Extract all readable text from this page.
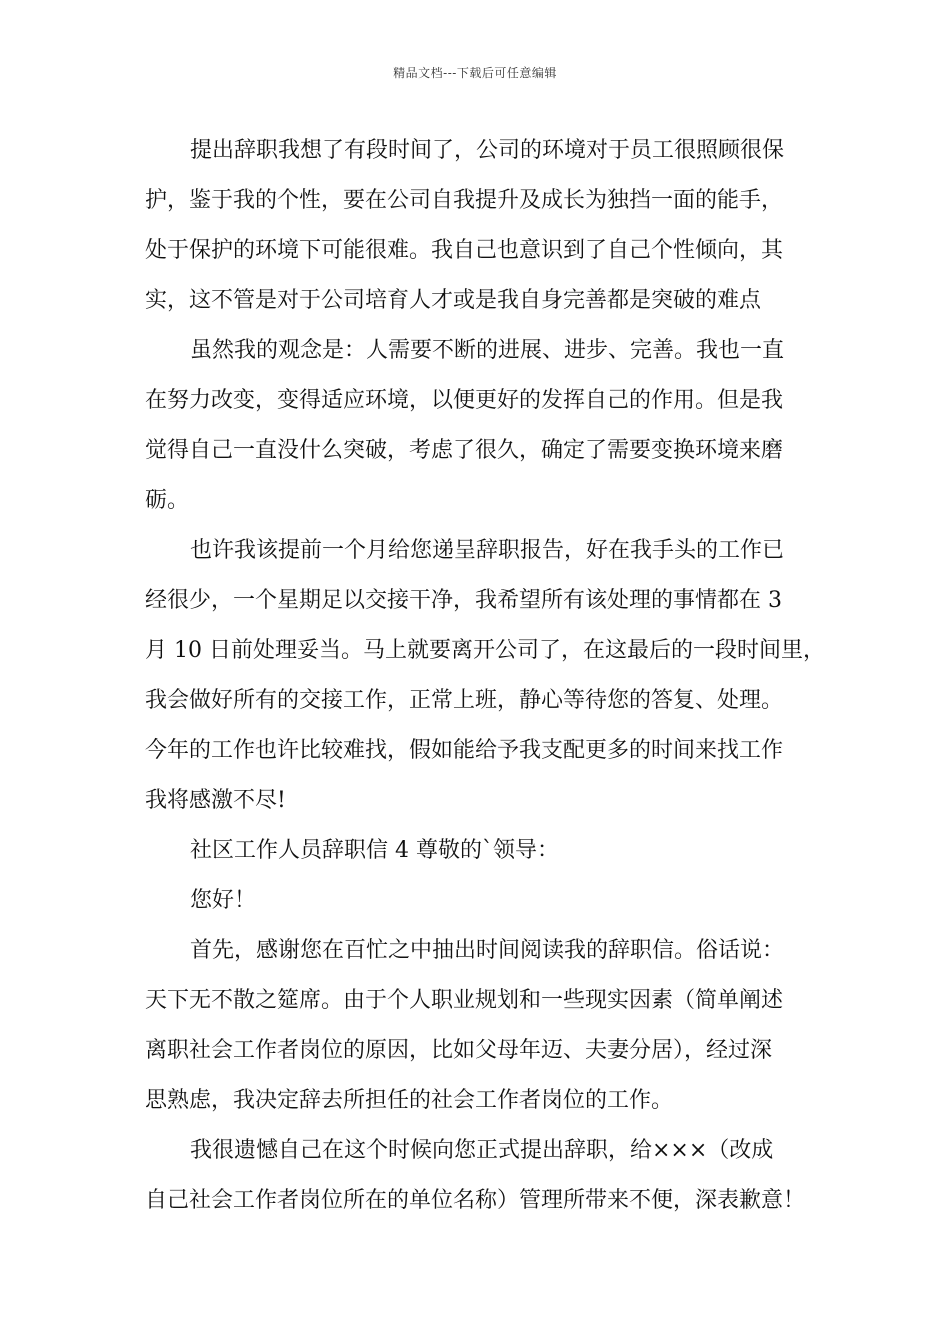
精品文档---下载后可任意编辑
提出辞职我想了有段时间了，公司的环境对于员工很照顾很保
护，鉴于我的个性，要在公司自我提升及成长为独挡一面的能手，
处于保护的环境下可能很难。我自己也意识到了自己个性倾向，其
实，这不管是对于公司培育人才或是我自身完善都是突破的难点
虽然我的观念是：人需要不断的进展、进步、完善。我也一直
在努力改变，变得适应环境，以便更好的发挥自己的作用。但是我
觉得自己一直没什么突破，考虑了很久，确定了需要变换环境来磨
砺。
也许我该提前一个月给您递呈辞职报告，好在我手头的工作已
经很少，一个星期足以交接干净，我希望所有该处理的事情都在 3
月 10 日前处理妥当。马上就要离开公司了，在这最后的一段时间里，
我会做好所有的交接工作，正常上班，静心等待您的答复、处理。
今年的工作也许比较难找，假如能给予我支配更多的时间来找工作
我将感激不尽!
社区工作人员辞职信 4 尊敬的`领导：
您好！
首先，感谢您在百忙之中抽出时间阅读我的辞职信。俗话说：
天下无不散之筵席。由于个人职业规划和一些现实因素（简单阐述
离职社会工作者岗位的原因，比如父母年迈、夫妻分居），经过深
思熟虑，我决定辞去所担任的社会工作者岗位的工作。
我很遗憾自己在这个时候向您正式提出辞职，给×××（改成
自己社会工作者岗位所在的单位名称）管理所带来不便，深表歉意！
